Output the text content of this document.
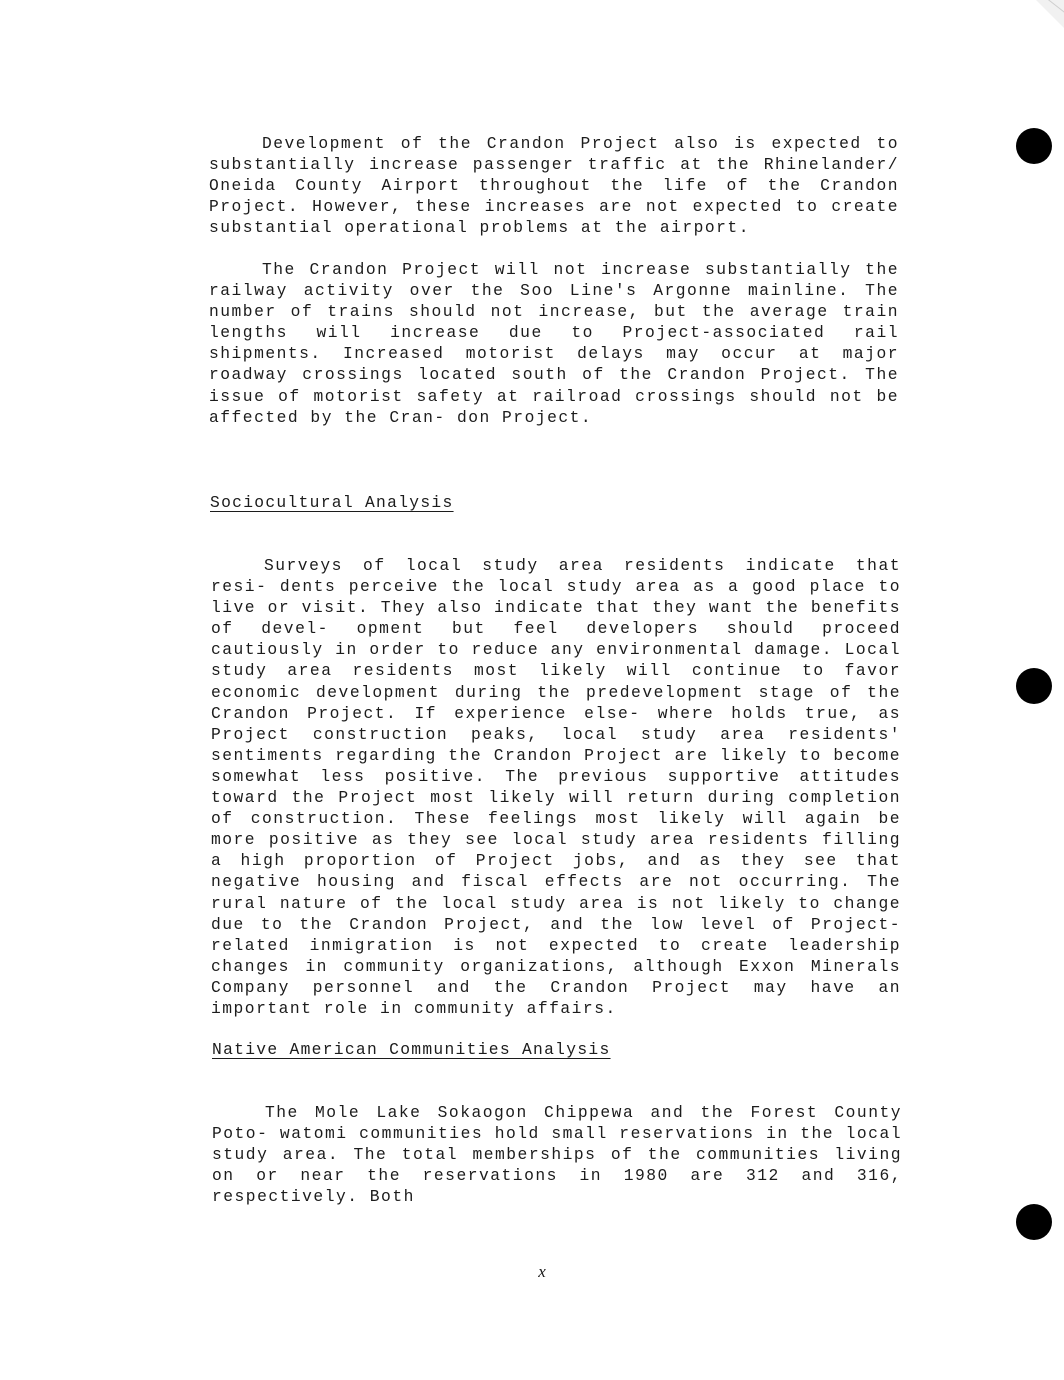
Development of the Crandon Project also is expected to substantially increase passenger traffic at the Rhinelander/ Oneida County Airport throughout the life of the Crandon Project. However, these increases are not expected to create substantial operational problems at the airport.

The Crandon Project will not increase substantially the railway activity over the Soo Line's Argonne mainline. The number of trains should not increase, but the average train lengths will increase due to Project-associated rail shipments. Increased motorist delays may occur at major roadway crossings located south of the Crandon Project. The issue of motorist safety at railroad crossings should not be affected by the Cran- don Project.

Sociocultural Analysis

Surveys of local study area residents indicate that resi- dents perceive the local study area as a good place to live or visit. They also indicate that they want the benefits of devel- opment but feel developers should proceed cautiously in order to reduce any environmental damage. Local study area residents most likely will continue to favor economic development during the predevelopment stage of the Crandon Project. If experience else- where holds true, as Project construction peaks, local study area residents' sentiments regarding the Crandon Project are likely to become somewhat less positive. The previous supportive attitudes toward the Project most likely will return during completion of construction. These feelings most likely will again be more positive as they see local study area residents filling a high proportion of Project jobs, and as they see that negative housing and fiscal effects are not occurring. The rural nature of the local study area is not likely to change due to the Crandon Project, and the low level of Project-related inmigration is not expected to create leadership changes in community organizations, although Exxon Minerals Company personnel and the Crandon Project may have an important role in community affairs.

Native American Communities Analysis

The Mole Lake Sokaogon Chippewa and the Forest County Poto- watomi communities hold small reservations in the local study area. The total memberships of the communities living on or near the reservations in 1980 are 312 and 316, respectively. Both

x
